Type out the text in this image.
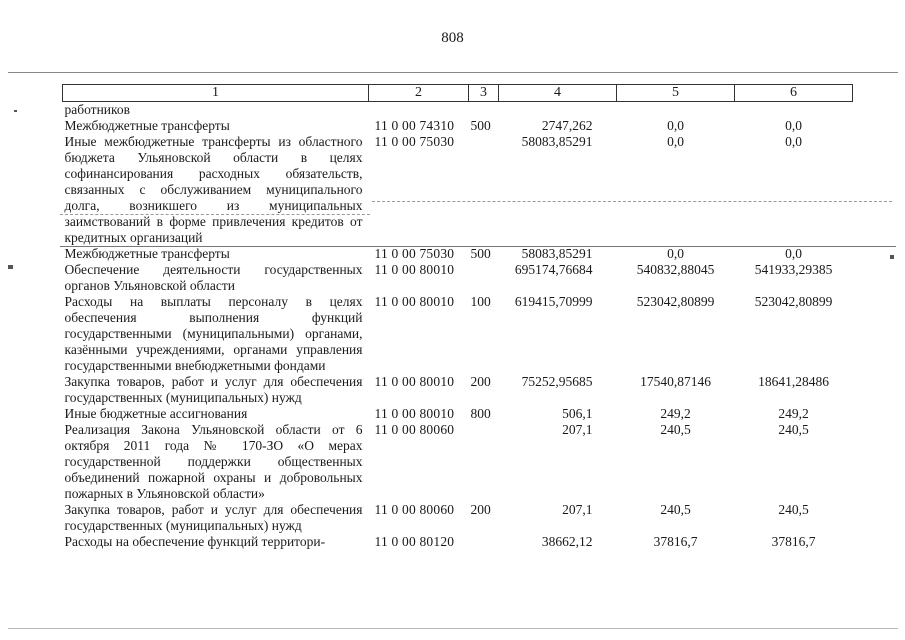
808
1	2	3	4	5	6
работников					
Межбюджетные трансферты	11 0 00 74310	500	2747,262	0,0	0,0
Иные межбюджетные трансферты из областного бюджета Ульяновской области в целях софинансирования расходных обязательств, связанных с обслуживанием муниципального долга, возникшего из муниципальных заимствований в форме привлечения кредитов от кредитных организаций	11 0 00 75030		58083,85291	0,0	0,0
Межбюджетные трансферты	11 0 00 75030	500	58083,85291	0,0	0,0
Обеспечение деятельности государственных органов Ульяновской области	11 0 00 80010		695174,76684	540832,88045	541933,29385
Расходы на выплаты персоналу в целях обеспечения выполнения функций государственными (муниципальными) органами, казёнными учреждениями, органами управления государственными внебюджетными фондами	11 0 00 80010	100	619415,70999	523042,80899	523042,80899
Закупка товаров, работ и услуг для обеспечения государственных (муниципальных) нужд	11 0 00 80010	200	75252,95685	17540,87146	18641,28486
Иные бюджетные ассигнования	11 0 00 80010	800	506,1	249,2	249,2
Реализация Закона Ульяновской области от 6 октября 2011 года № 170-ЗО «О мерах государственной поддержки общественных объединений пожарной охраны и добровольных пожарных в Ульяновской области»	11 0 00 80060		207,1	240,5	240,5
Закупка товаров, работ и услуг для обеспечения государственных (муниципальных) нужд	11 0 00 80060	200	207,1	240,5	240,5
Расходы на обеспечение функций территори-	11 0 00 80120		38662,12	37816,7	37816,7
